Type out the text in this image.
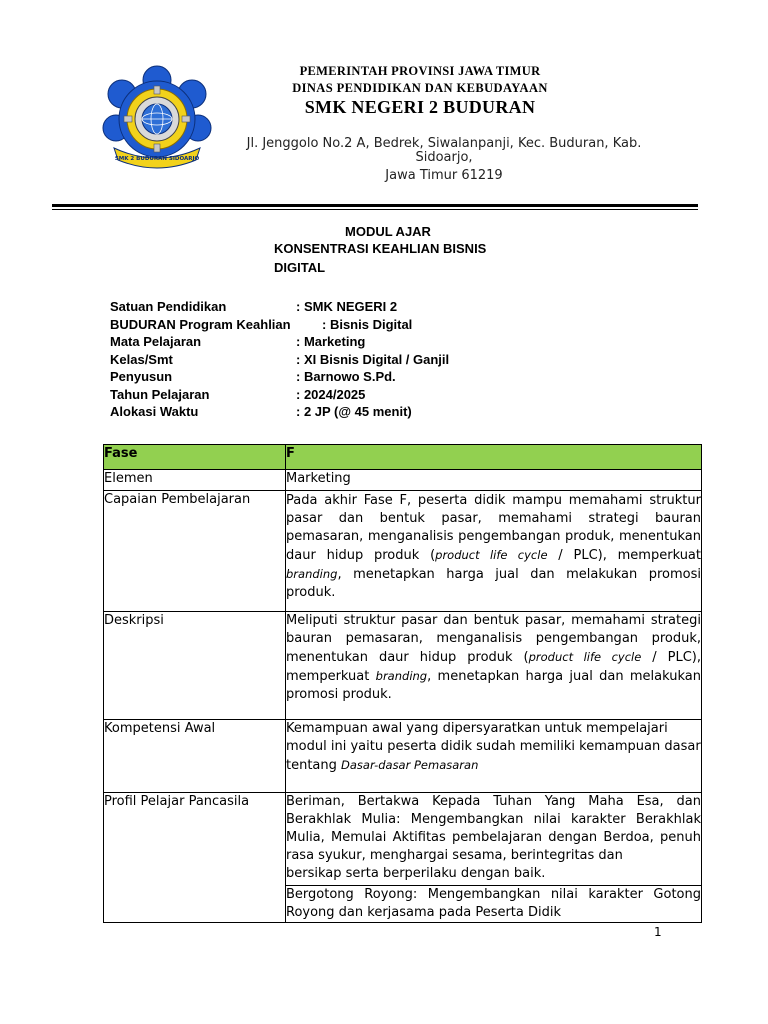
SMK 2 BUDURAN SIDOARJO
PEMERINTAH PROVINSI JAWA TIMUR
DINAS PENDIDIKAN DAN KEBUDAYAAN
SMK NEGERI 2 BUDURAN
Jl. Jenggolo No.2 A, Bedrek, Siwalanpanji, Kec. Buduran, Kab.
Sidoarjo,
Jawa Timur 61219
MODUL AJAR
KONSENTRASI KEAHLIAN BISNIS
DIGITAL
Satuan Pendidikan	: SMK NEGERI 2
BUDURAN Program Keahlian : Bisnis Digital
Mata Pelajaran	: Marketing
Kelas/Smt	: XI Bisnis Digital / Ganjil
Penyusun	: Barnowo S.Pd.
Tahun Pelajaran	: 2024/2025
Alokasi Waktu	: 2 JP (@ 45 menit)
Fase	F
Elemen	Marketing
Capaian Pembelajaran	Pada akhir Fase F, peserta didik mampu memahami struktur pasar dan bentuk pasar, memahami strategi bauran pemasaran, menganalisis pengembangan produk, menentukan daur hidup produk (product life cycle / PLC), memperkuat branding, menetapkan harga jual dan melakukan promosi produk.

Deskripsi	Meliputi struktur pasar dan bentuk pasar, memahami strategi bauran pemasaran, menganalisis pengembangan produk, menentukan daur hidup produk (product life cycle / PLC), memperkuat branding, menetapkan harga jual dan melakukan promosi produk.

Kompetensi Awal	Kemampuan awal yang dipersyaratkan untuk mempelajari modul ini yaitu peserta didik sudah memiliki kemampuan dasar tentang Dasar-dasar Pemasaran

Profil Pelajar Pancasila	Beriman, Bertakwa Kepada Tuhan Yang Maha Esa, dan Berakhlak Mulia: Mengembangkan nilai karakter Berakhlak Mulia, Memulai Aktifitas pembelajaran dengan Berdoa, penuh rasa syukur, menghargai sesama, berintegritas dan
bersikap serta berperilaku dengan baik.

	Bergotong Royong: Mengembangkan nilai karakter Gotong Royong dan kerjasama pada Peserta Didik
1
